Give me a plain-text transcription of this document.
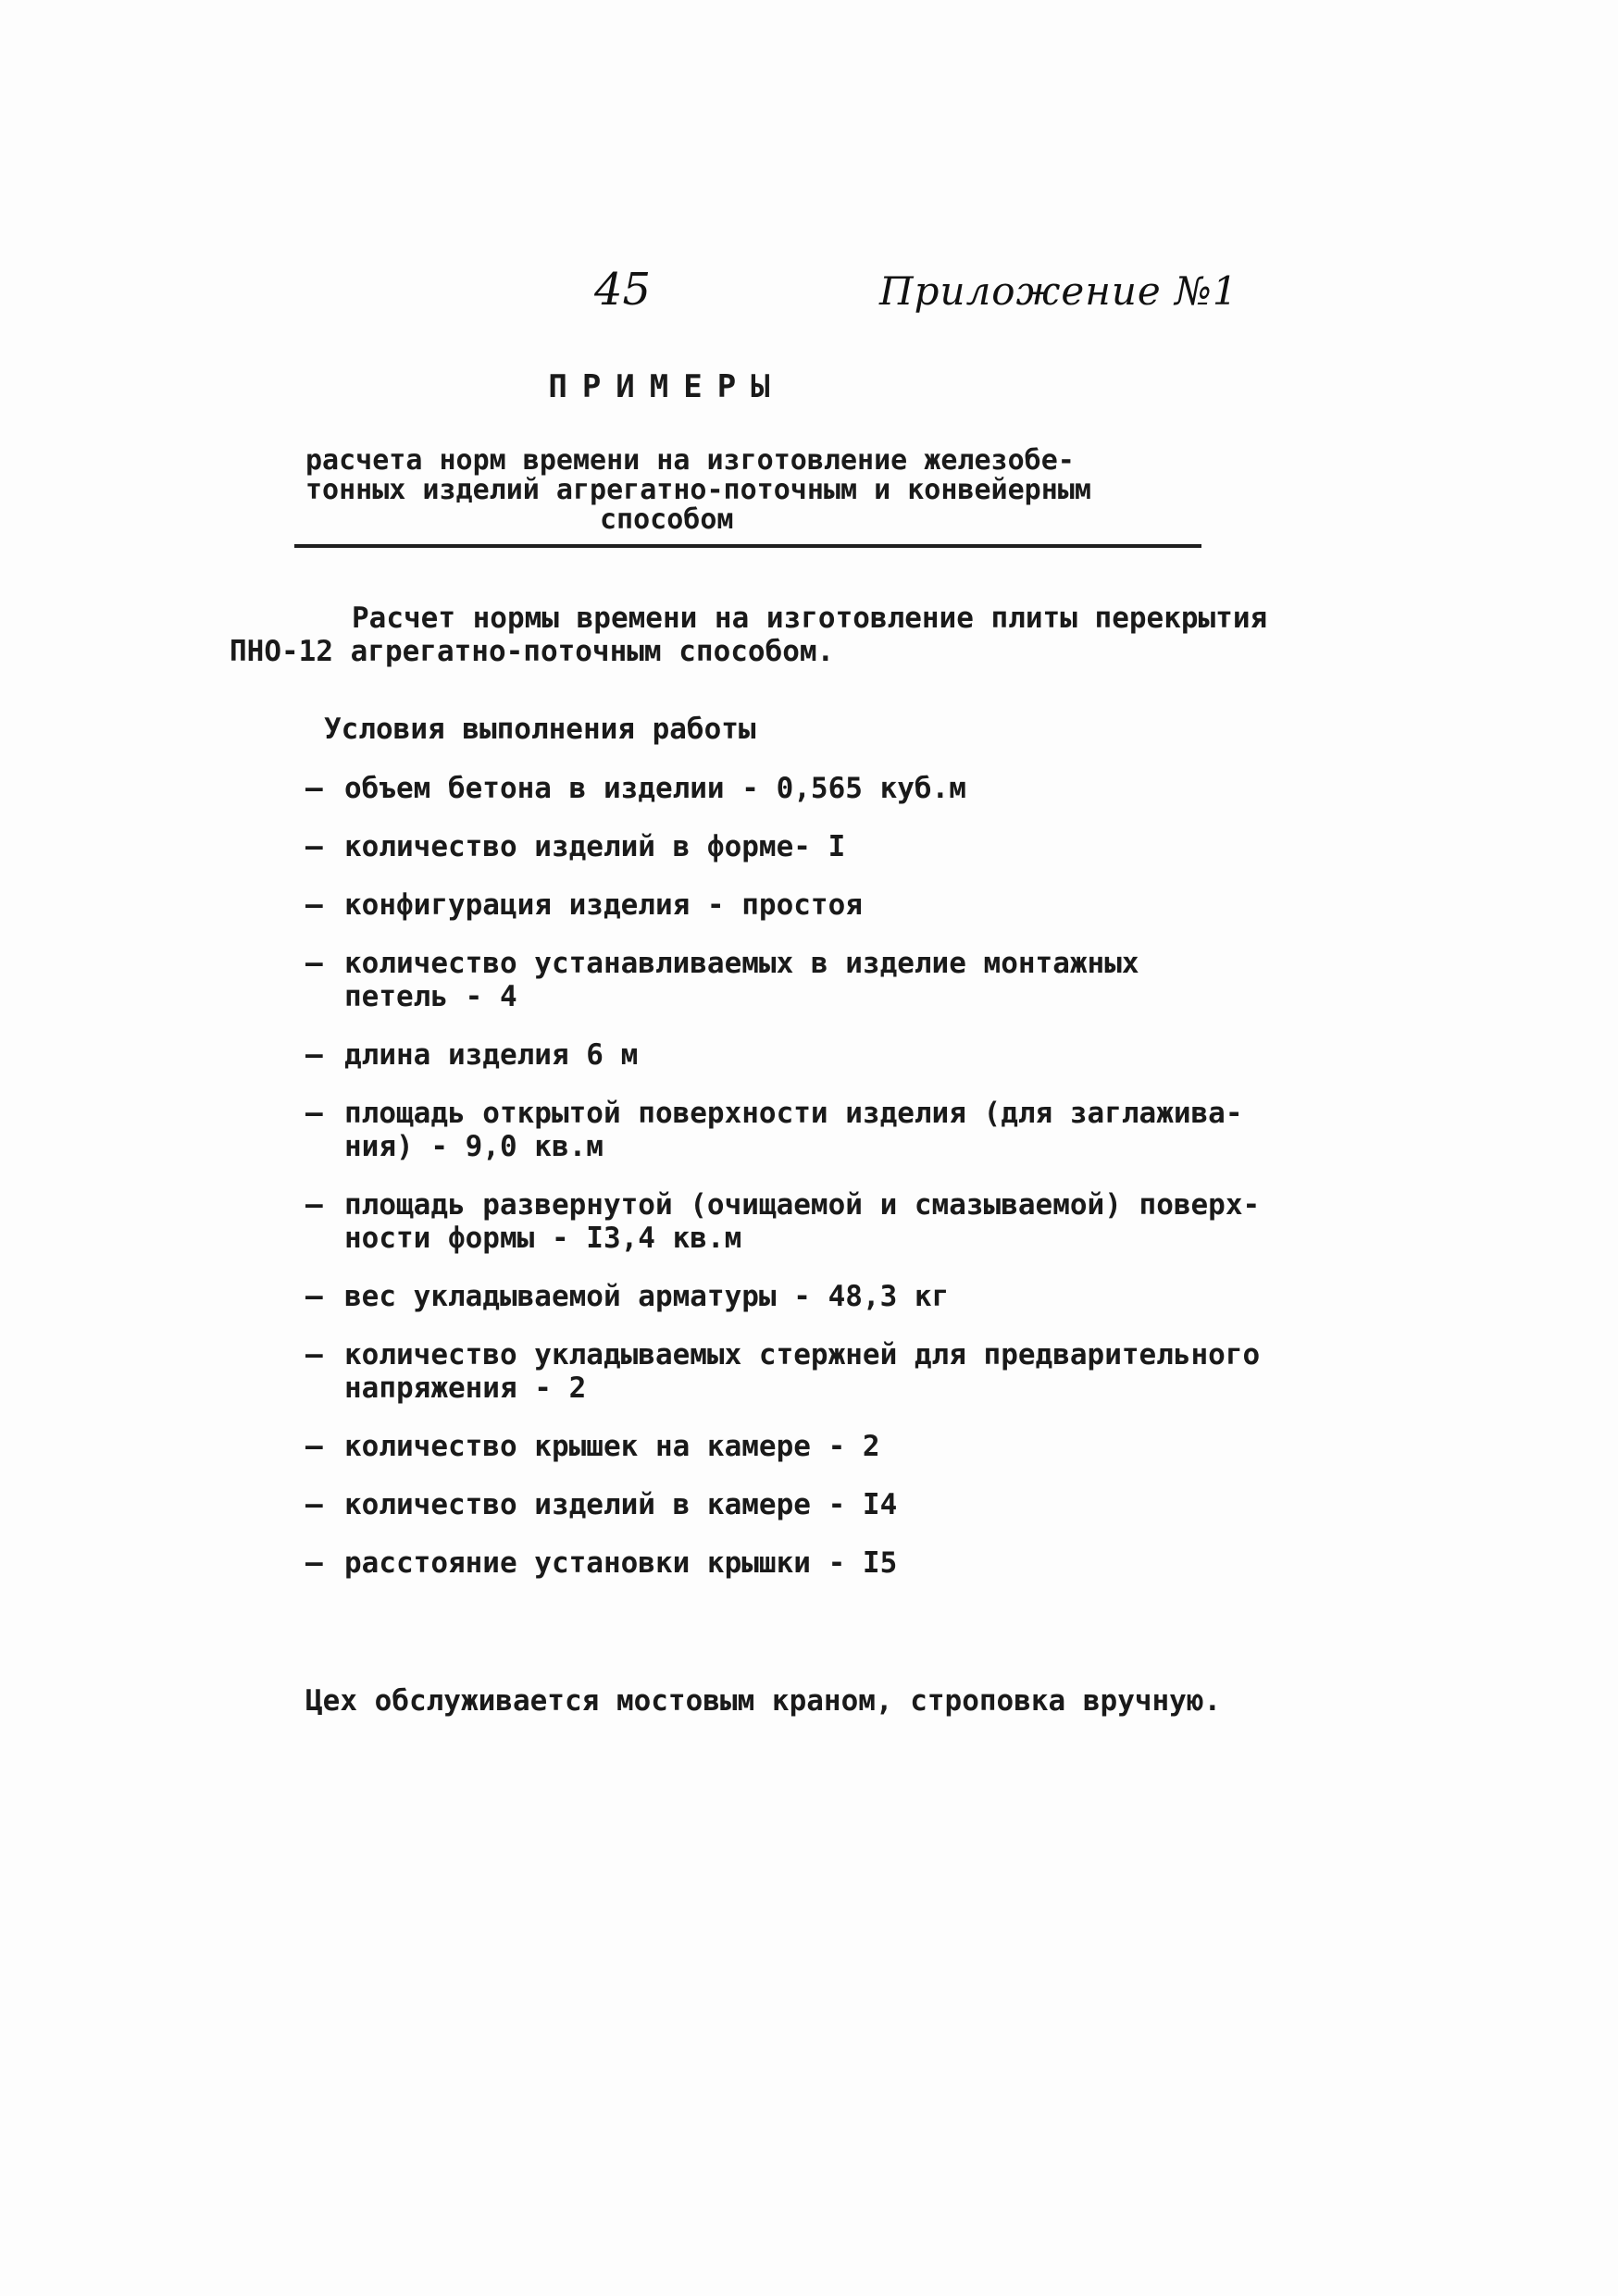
45	Приложение №1
ПРИМЕРЫ
расчета норм времени на изготовление железобе-
тонных изделий агрегатно-поточным и конвейерным
способом
Расчет нормы времени на изготовление плиты перекрытия
ПНО-12 агрегатно-поточным способом.
Условия выполнения работы
– объем бетона в изделии - 0,565 куб.м
– количество изделий в форме- I
– конфигурация изделия - простоя
– количество устанавливаемых в изделие монтажных
петель - 4
– длина изделия 6 м
– площадь открытой поверхности изделия (для заглажива-
ния) - 9,0 кв.м
– площадь развернутой (очищаемой и смазываемой) поверх-
ности формы - I3,4 кв.м
– вес укладываемой арматуры - 48,3 кг
– количество укладываемых стержней для предварительного
напряжения - 2
– количество крышек на камере - 2
– количество изделий в камере - I4
– расстояние установки крышки - I5
Цех обслуживается мостовым краном, строповка вручную.
